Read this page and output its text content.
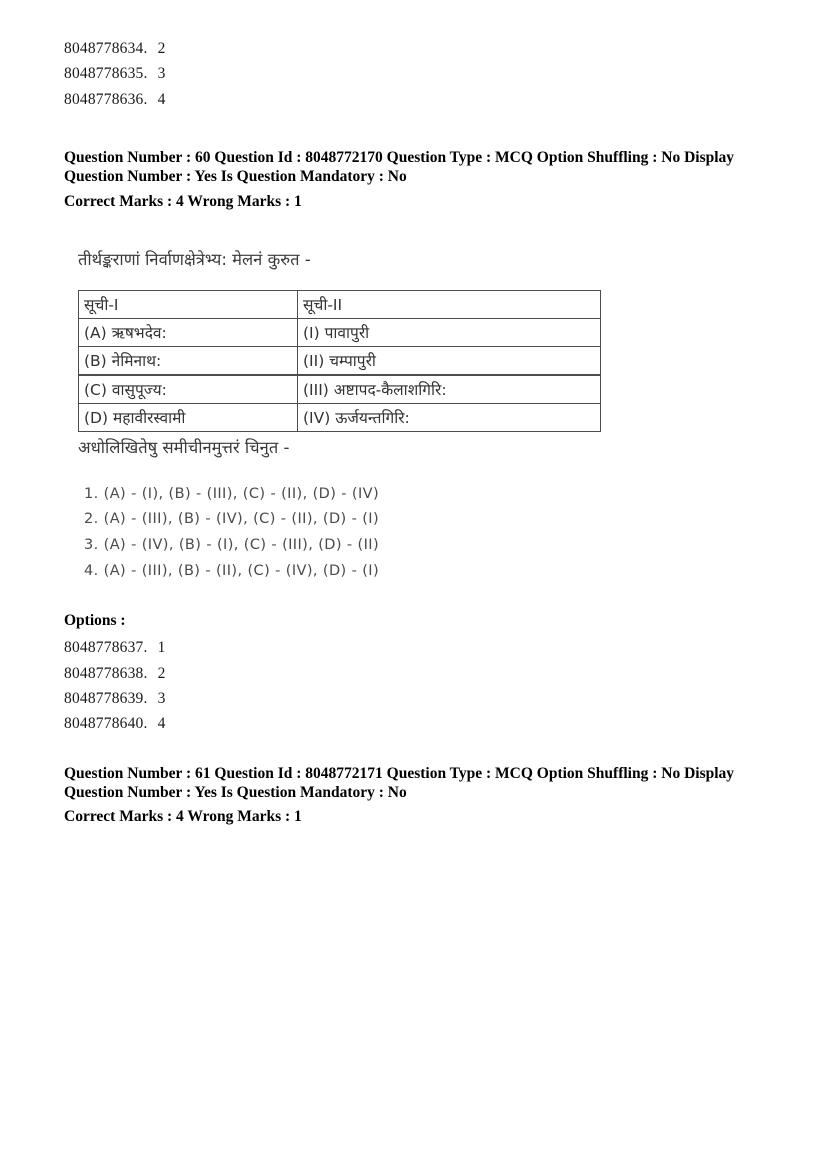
8048778634. 2
8048778635. 3
8048778636. 4
Question Number : 60 Question Id : 8048772170 Question Type : MCQ Option Shuffling : No Display Question Number : Yes Is Question Mandatory : No
Correct Marks : 4 Wrong Marks : 1
तीर्थङ्कराणां निर्वाणक्षेत्रेभ्य: मेलनं कुरुत -
सूची-I	सूची-II
(A) ऋषभदेव:	(I) पावापुरी
(B) नेमिनाथ:	(II) चम्पापुरी
(C) वासुपूज्य:	(III) अष्टापद-कैलाशगिरि:
(D) महावीरस्वामी	(IV) ऊर्जयन्तगिरि:
अधोलिखितेषु समीचीनमुत्तरं चिनुत -
1. (A) - (I), (B) - (III), (C) - (II), (D) - (IV)
2. (A) - (III), (B) - (IV), (C) - (II), (D) - (I)
3. (A) - (IV), (B) - (I), (C) - (III), (D) - (II)
4. (A) - (III), (B) - (II), (C) - (IV), (D) - (I)
Options :
8048778637. 1
8048778638. 2
8048778639. 3
8048778640. 4
Question Number : 61 Question Id : 8048772171 Question Type : MCQ Option Shuffling : No Display Question Number : Yes Is Question Mandatory : No
Correct Marks : 4 Wrong Marks : 1
